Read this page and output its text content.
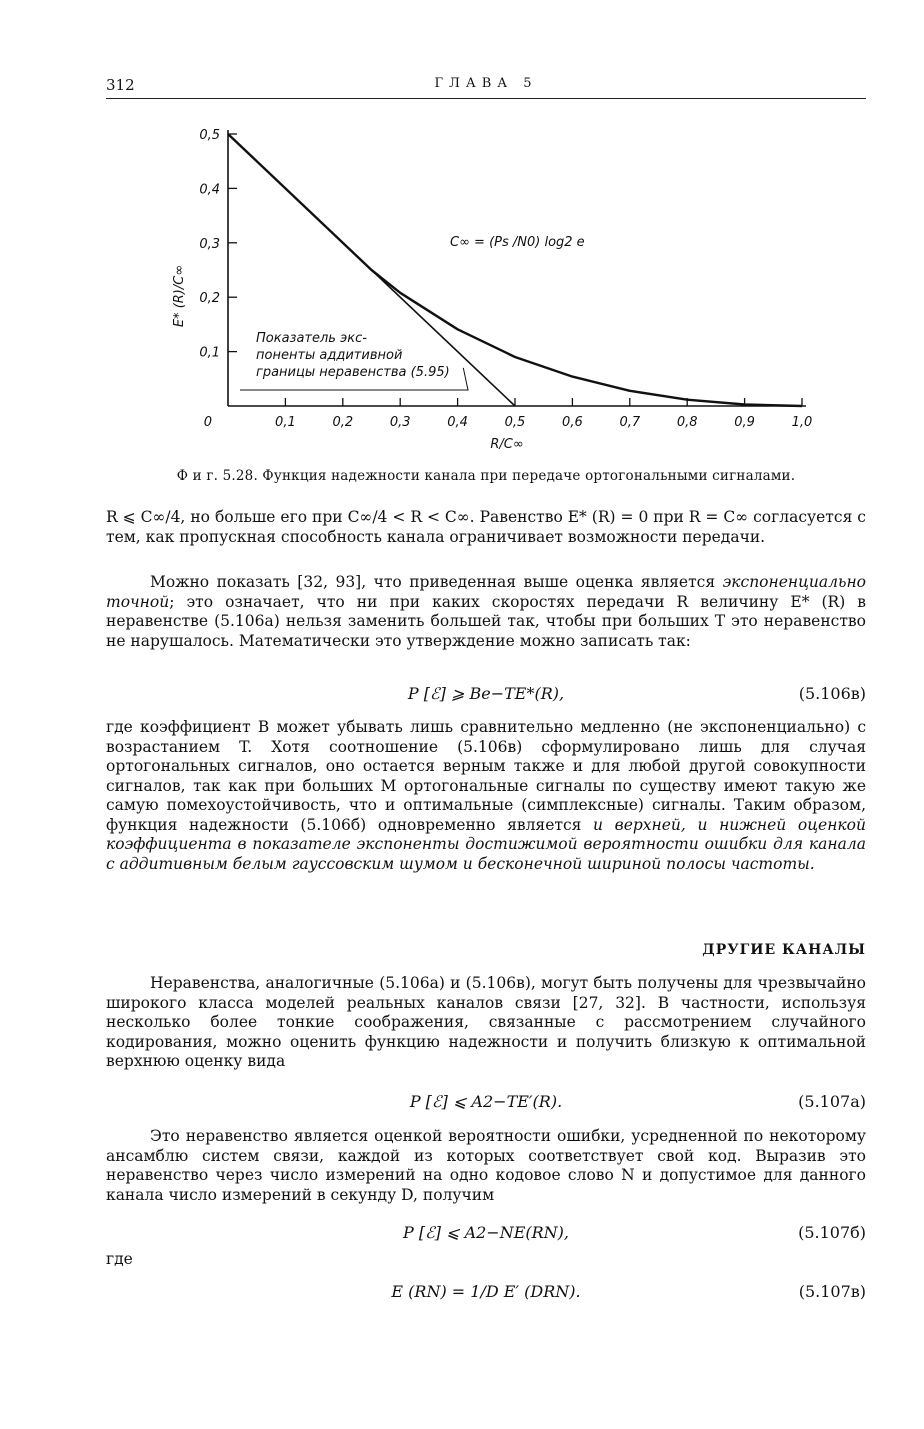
312	ГЛАВА 5
0,5
0,4
0,3
0,2
0,1
0	0,1	0,2	0,3	0,4	0,5	0,6	0,7	0,8	0,9	1,0
E* (R)/C∞
R/C∞
C∞ = (Ps /N0) log2 e
Показатель экс-
поненты аддитивной
границы неравенства (5.95)
Ф и г. 5.28. Функция надежности канала при передаче ортогональными сигналами.

R ⩽ C∞/4, но больше его при C∞/4 < R < C∞. Равенство E* (R) = 0 при R = C∞ согласуется с тем, как пропускная способность канала ограничивает возможности передачи.

Можно показать [32, 93], что приведенная выше оценка является экспоненциально точной; это означает, что ни при каких скоростях передачи R величину E* (R) в неравенстве (5.106а) нельзя заменить большей так, чтобы при больших T это неравенство не нарушалось. Математически это утверждение можно записать так:

P [ℰ] ⩾ Be−TE*(R),	(5.106в)

где коэффициент B может убывать лишь сравнительно медленно (не экспоненциально) с возрастанием T. Хотя соотношение (5.106в) сформулировано лишь для случая ортогональных сигналов, оно остается верным также и для любой другой совокупности сигналов, так как при больших M ортогональные сигналы по существу имеют такую же самую помехоустойчивость, что и оптимальные (симплексные) сигналы. Таким образом, функция надежности (5.106б) одновременно является и верхней, и нижней оценкой коэффициента в показателе экспоненты достижимой вероятности ошибки для канала с аддитивным белым гауссовским шумом и бесконечной шириной полосы частоты.

ДРУГИЕ КАНАЛЫ

Неравенства, аналогичные (5.106а) и (5.106в), могут быть получены для чрезвычайно широкого класса моделей реальных каналов связи [27, 32]. В частности, используя несколько более тонкие соображения, связанные с рассмотрением случайного кодирования, можно оценить функцию надежности и получить близкую к оптимальной верхнюю оценку вида

P [ℰ] ⩽ A2−TE′(R).	(5.107а)

Это неравенство является оценкой вероятности ошибки, усредненной по некоторому ансамблю систем связи, каждой из которых соответствует свой код. Выразив это неравенство через число измерений на одно кодовое слово N и допустимое для данного канала число измерений в секунду D, получим

P [ℰ] ⩽ A2−NE(RN),	(5.107б)

где

E (RN) = 1/D E′ (DRN).	(5.107в)
